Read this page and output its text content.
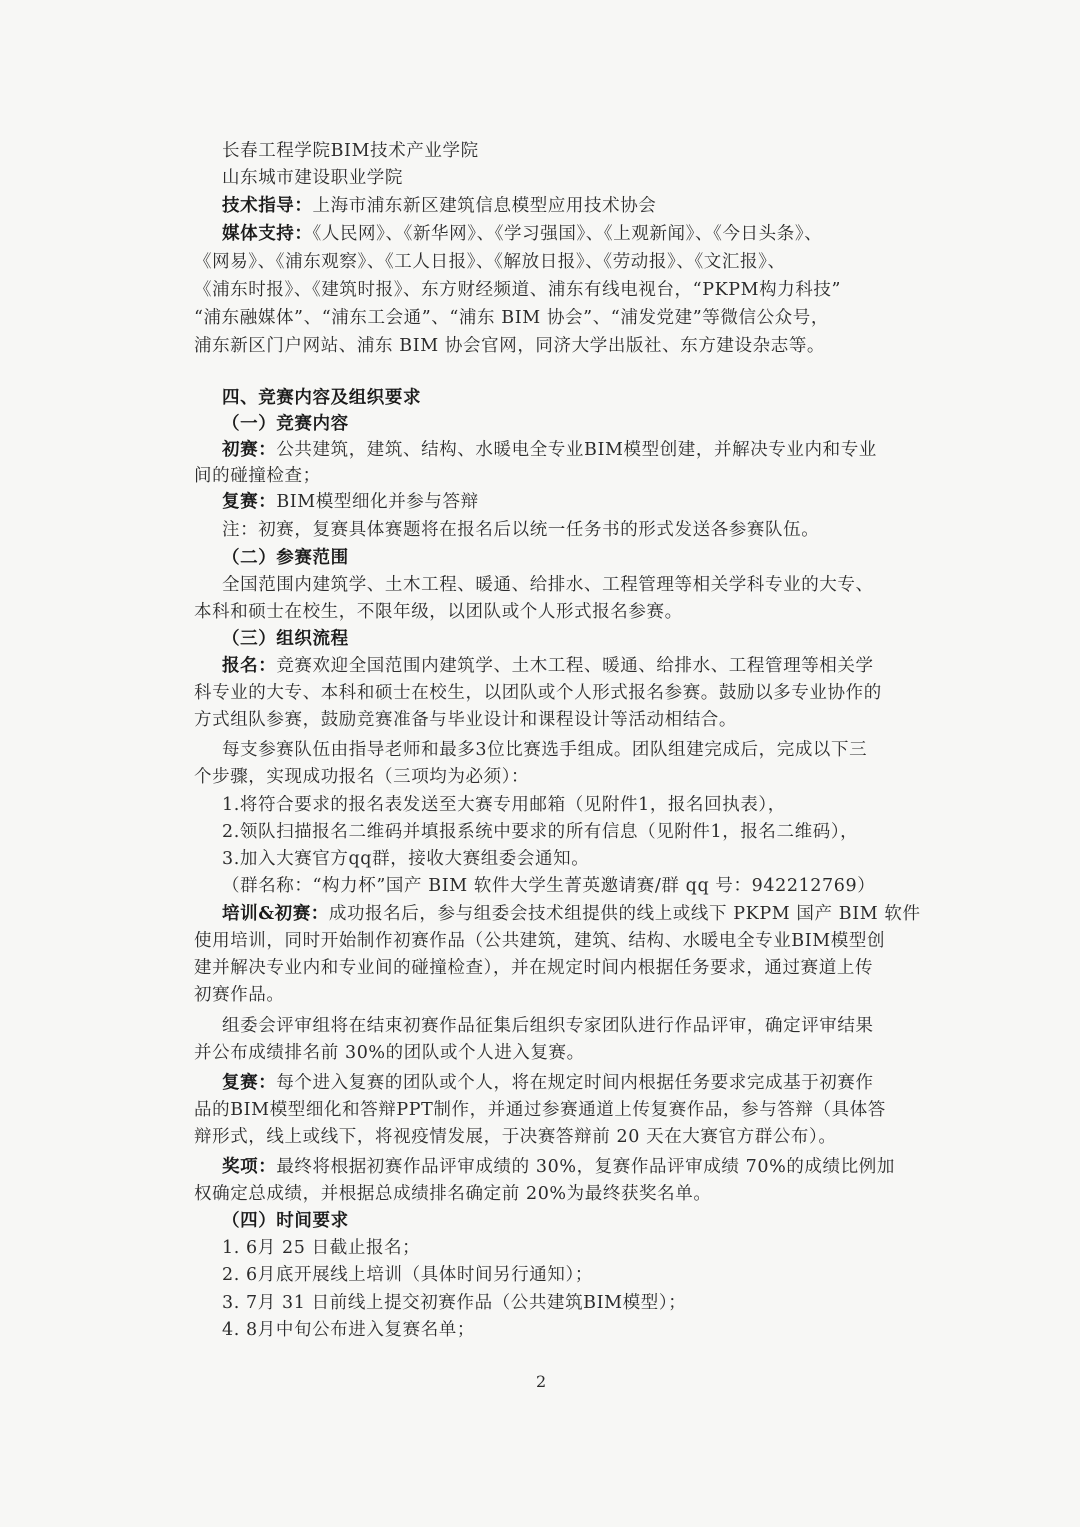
长春工程学院BIM技术产业学院
山东城市建设职业学院
技术指导：上海市浦东新区建筑信息模型应用技术协会
媒体支持：《人民网》、《新华网》、《学习强国》、《上观新闻》、《今日头条》、
《网易》、《浦东观察》、《工人日报》、《解放日报》、《劳动报》、《文汇报》、
《浦东时报》、《建筑时报》、东方财经频道、浦东有线电视台，“PKPM构力科技”
“浦东融媒体”、“浦东工会通”、“浦东 BIM 协会”、“浦发党建”等微信公众号，
浦东新区门户网站、浦东 BIM 协会官网，同济大学出版社、东方建设杂志等。
四、竞赛内容及组织要求
（一）竞赛内容
初赛：公共建筑，建筑、结构、水暖电全专业BIM模型创建，并解决专业内和专业
间的碰撞检查；
复赛：BIM模型细化并参与答辩
注：初赛，复赛具体赛题将在报名后以统一任务书的形式发送各参赛队伍。
（二）参赛范围
全国范围内建筑学、土木工程、暖通、给排水、工程管理等相关学科专业的大专、
本科和硕士在校生，不限年级，以团队或个人形式报名参赛。
（三）组织流程
报名：竞赛欢迎全国范围内建筑学、土木工程、暖通、给排水、工程管理等相关学
科专业的大专、本科和硕士在校生，以团队或个人形式报名参赛。鼓励以多专业协作的
方式组队参赛，鼓励竞赛准备与毕业设计和课程设计等活动相结合。
每支参赛队伍由指导老师和最多3位比赛选手组成。团队组建完成后，完成以下三
个步骤，实现成功报名（三项均为必须）：
1.将符合要求的报名表发送至大赛专用邮箱（见附件1，报名回执表），
2.领队扫描报名二维码并填报系统中要求的所有信息（见附件1，报名二维码），
3.加入大赛官方qq群，接收大赛组委会通知。
（群名称：“构力杯”国产 BIM 软件大学生菁英邀请赛/群 qq 号：942212769）
培训&初赛：成功报名后，参与组委会技术组提供的线上或线下 PKPM 国产 BIM 软件
使用培训，同时开始制作初赛作品（公共建筑，建筑、结构、水暖电全专业BIM模型创
建并解决专业内和专业间的碰撞检查），并在规定时间内根据任务要求，通过赛道上传
初赛作品。
组委会评审组将在结束初赛作品征集后组织专家团队进行作品评审，确定评审结果
并公布成绩排名前 30%的团队或个人进入复赛。
复赛：每个进入复赛的团队或个人，将在规定时间内根据任务要求完成基于初赛作
品的BIM模型细化和答辩PPT制作，并通过参赛通道上传复赛作品，参与答辩（具体答
辩形式，线上或线下，将视疫情发展，于决赛答辩前 20 天在大赛官方群公布）。
奖项：最终将根据初赛作品评审成绩的 30%，复赛作品评审成绩 70%的成绩比例加
权确定总成绩，并根据总成绩排名确定前 20%为最终获奖名单。
（四）时间要求
1. 6月 25 日截止报名；
2. 6月底开展线上培训（具体时间另行通知）；
3. 7月 31 日前线上提交初赛作品（公共建筑BIM模型）；
4. 8月中旬公布进入复赛名单；
2
